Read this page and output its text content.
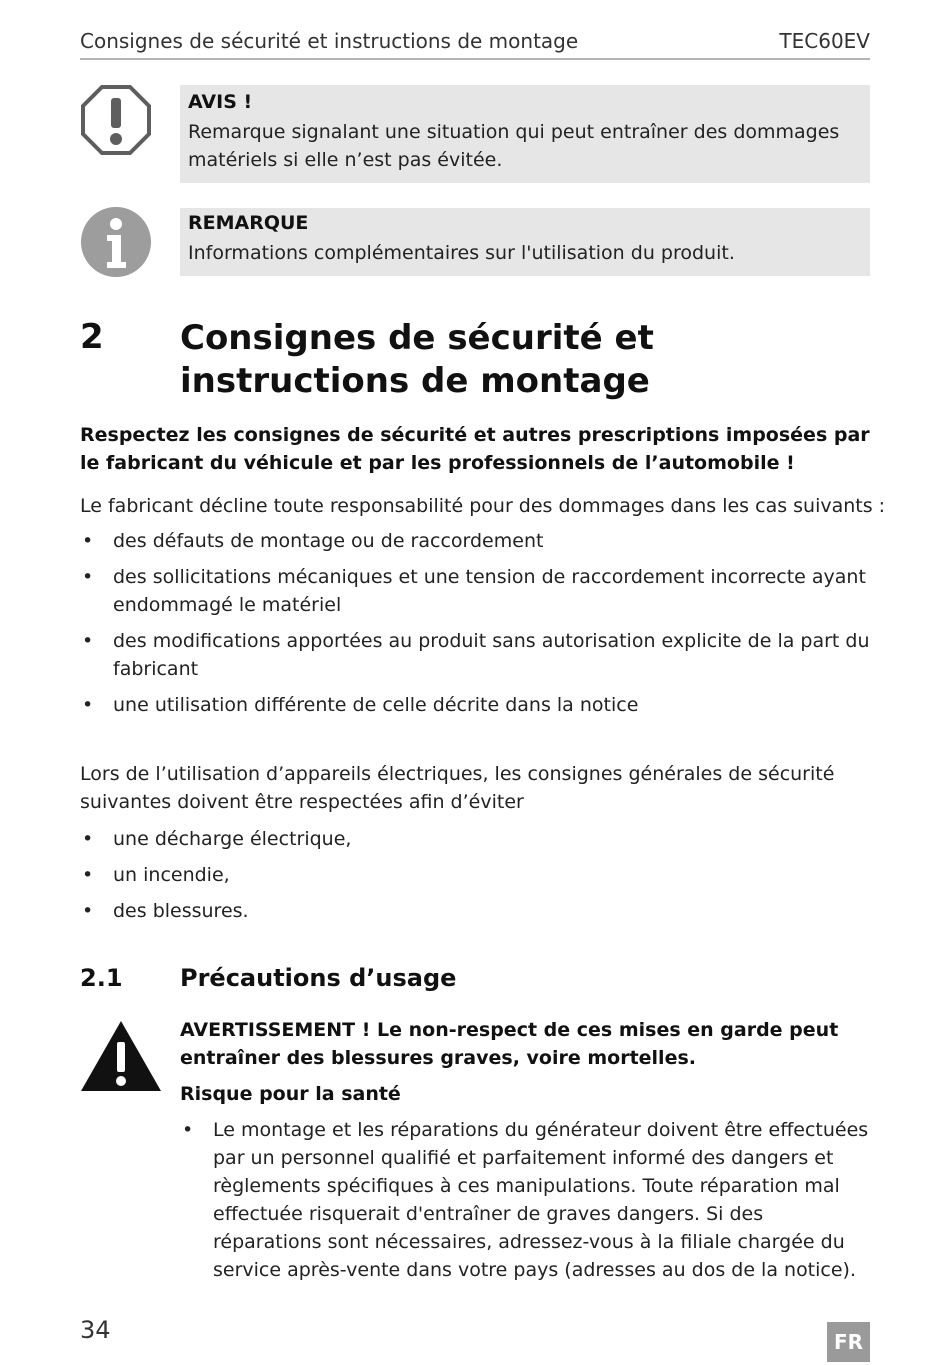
Consignes de sécurité et instructions de montage	TEC60EV
AVIS !
Remarque signalant une situation qui peut entraîner des dommages matériels si elle n’est pas évitée.
REMARQUE
Informations complémentaires sur l'utilisation du produit.
2 Consignes de sécurité et instructions de montage
Respectez les consignes de sécurité et autres prescriptions imposées par le fabricant du véhicule et par les professionnels de l’automobile !
Le fabricant décline toute responsabilité pour des dommages dans les cas suivants :
• des défauts de montage ou de raccordement
• des sollicitations mécaniques et une tension de raccordement incorrecte ayant endommagé le matériel
• des modifications apportées au produit sans autorisation explicite de la part du fabricant
• une utilisation différente de celle décrite dans la notice
Lors de l’utilisation d’appareils électriques, les consignes générales de sécurité suivantes doivent être respectées afin d’éviter
• une décharge électrique,
• un incendie,
• des blessures.
2.1 Précautions d’usage
AVERTISSEMENT ! Le non-respect de ces mises en garde peut entraîner des blessures graves, voire mortelles.
Risque pour la santé
• Le montage et les réparations du générateur doivent être effectuées par un personnel qualifié et parfaitement informé des dangers et règlements spécifiques à ces manipulations. Toute réparation mal effectuée risquerait d'entraîner de graves dangers. Si des réparations sont nécessaires, adressez-vous à la filiale chargée du service après-vente dans votre pays (adresses au dos de la notice).
34	FR
